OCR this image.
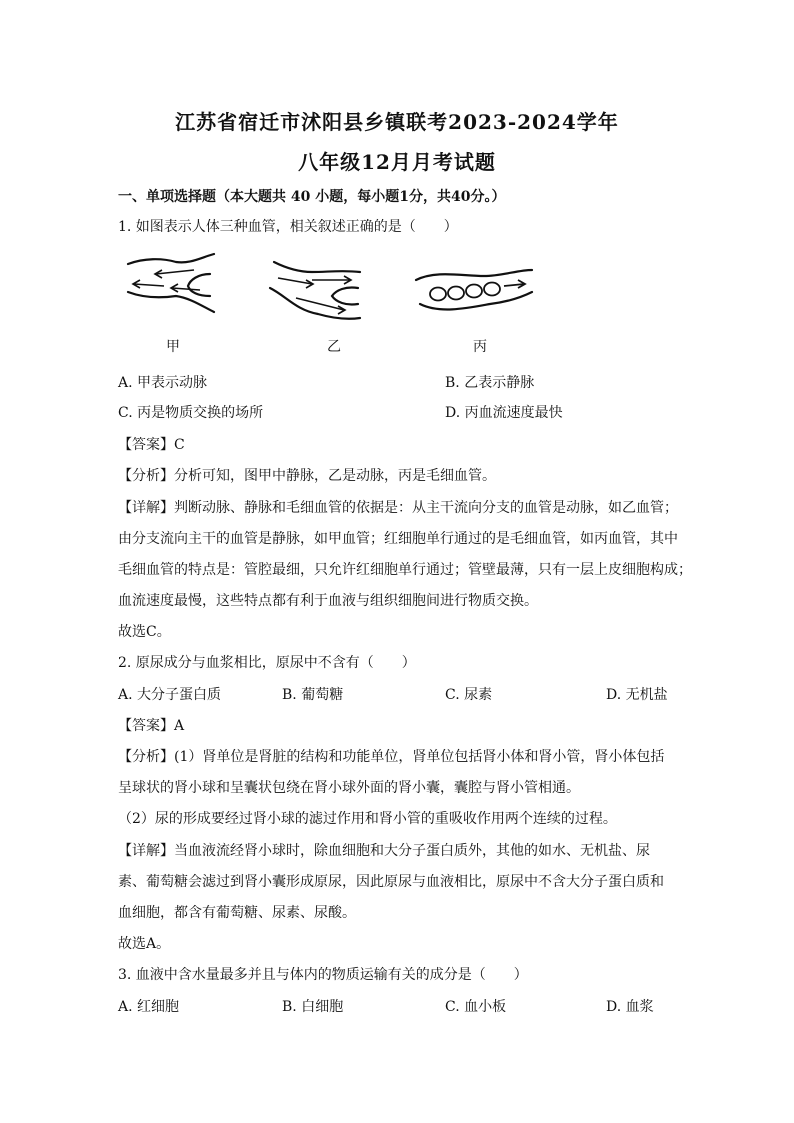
江苏省宿迁市沭阳县乡镇联考2023-2024学年
八年级12月月考试题
一、单项选择题（本大题共 40 小题，每小题1分，共40分。）
1. 如图表示人体三种血管，相关叙述正确的是（　　）
甲	乙	丙
A. 甲表示动脉	B. 乙表示静脉
C. 丙是物质交换的场所	D. 丙血流速度最快
【答案】C
【分析】分析可知，图甲中静脉，乙是动脉，丙是毛细血管。
【详解】判断动脉、静脉和毛细血管的依据是：从主干流向分支的血管是动脉，如乙血管；
由分支流向主干的血管是静脉，如甲血管；红细胞单行通过的是毛细血管，如丙血管，其中
毛细血管的特点是：管腔最细，只允许红细胞单行通过；管壁最薄，只有一层上皮细胞构成；
血流速度最慢，这些特点都有利于血液与组织细胞间进行物质交换。
故选C。
2. 原尿成分与血浆相比，原尿中不含有（　　）
A. 大分子蛋白质	B. 葡萄糖	C. 尿素	D. 无机盐
【答案】A
【分析】(1）肾单位是肾脏的结构和功能单位，肾单位包括肾小体和肾小管，肾小体包括
呈球状的肾小球和呈囊状包绕在肾小球外面的肾小囊，囊腔与肾小管相通。
（2）尿的形成要经过肾小球的滤过作用和肾小管的重吸收作用两个连续的过程。
【详解】当血液流经肾小球时，除血细胞和大分子蛋白质外，其他的如水、无机盐、尿
素、葡萄糖会滤过到肾小囊形成原尿，因此原尿与血液相比，原尿中不含大分子蛋白质和
血细胞，都含有葡萄糖、尿素、尿酸。
故选A。
3. 血液中含水量最多并且与体内的物质运输有关的成分是（　　）
A. 红细胞	B. 白细胞	C. 血小板	D. 血浆
